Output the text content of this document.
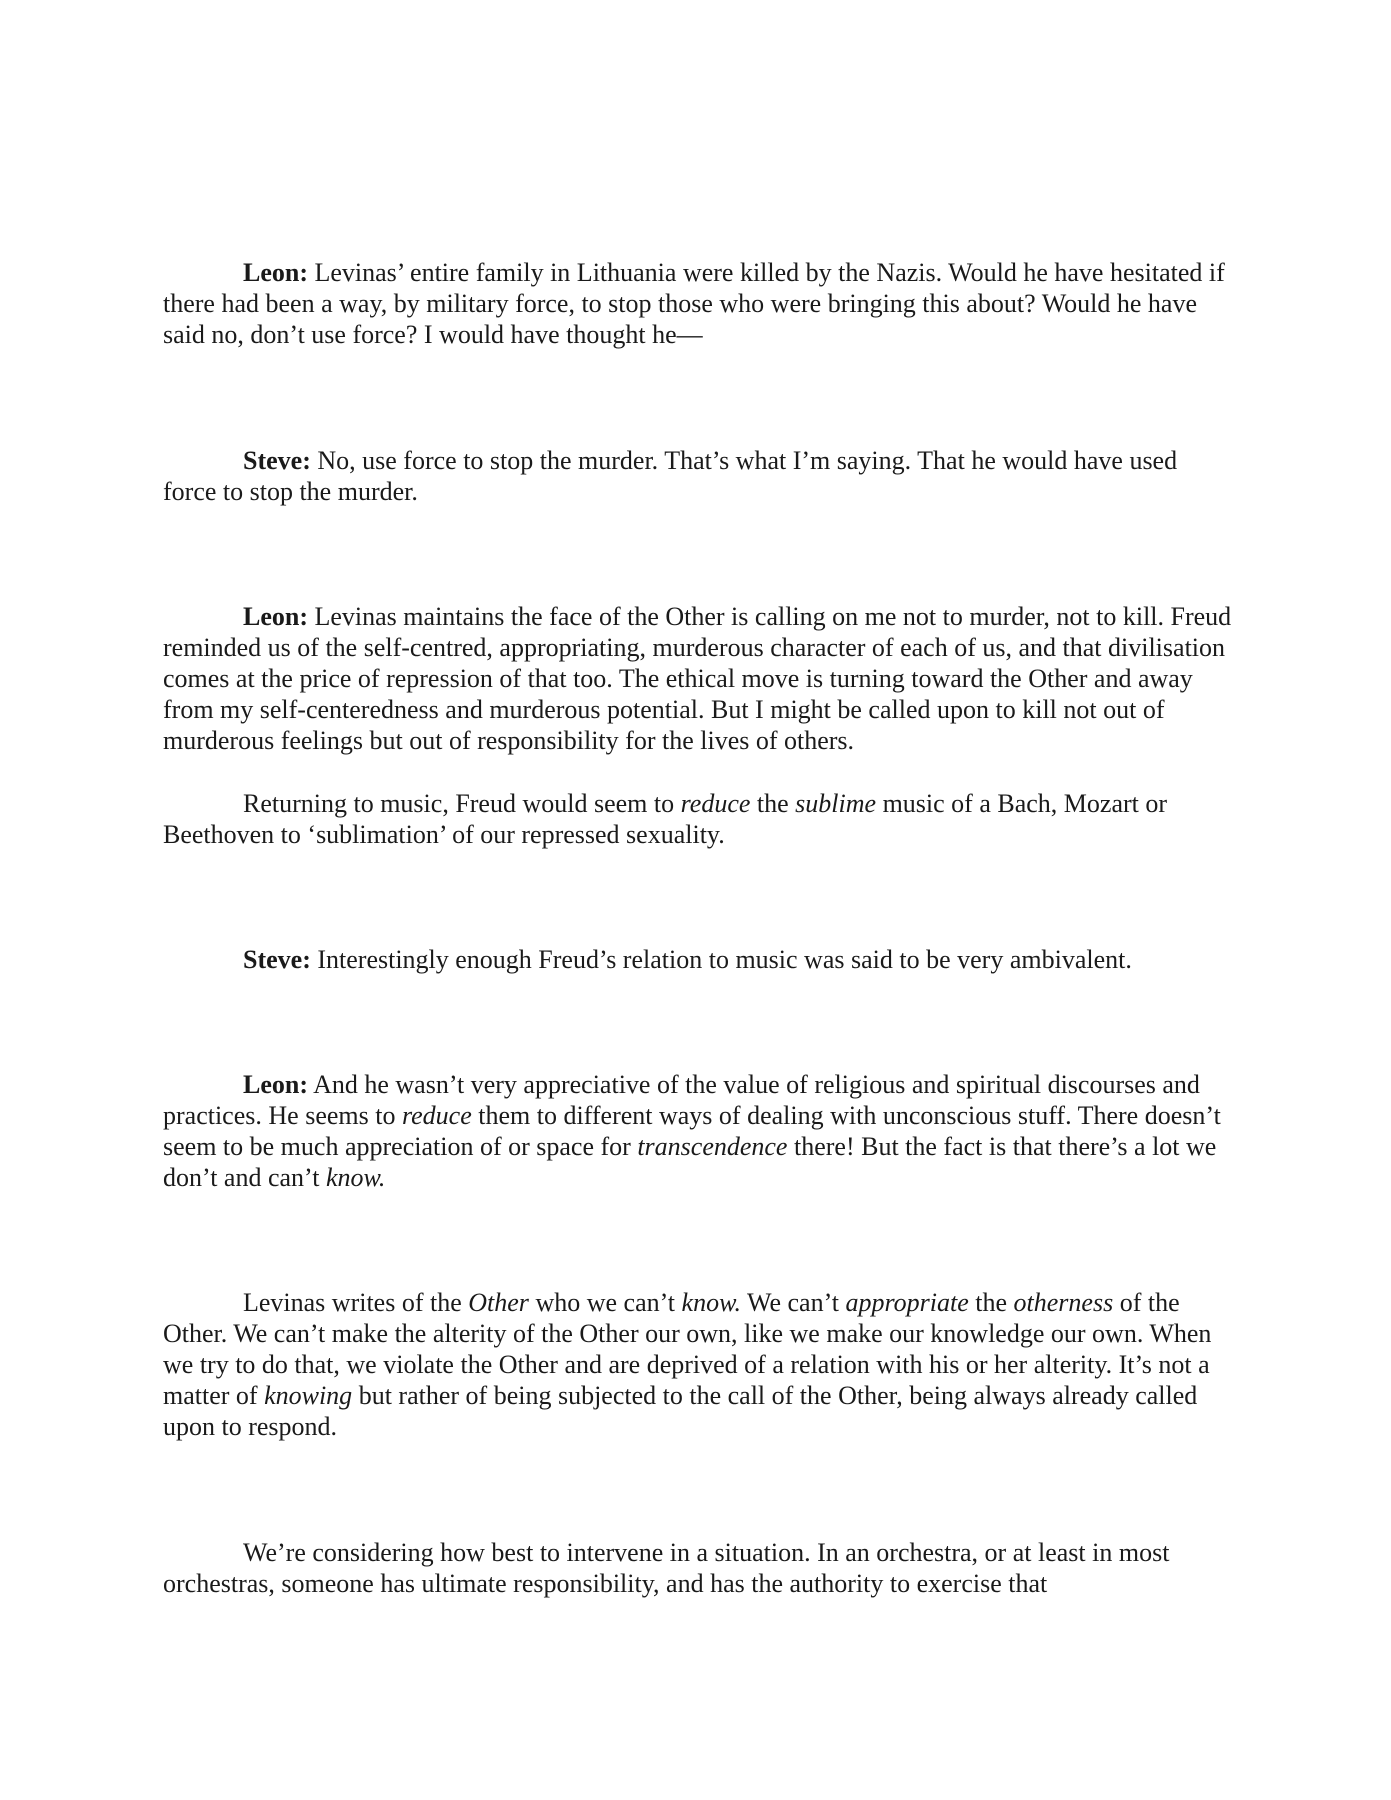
Leon: Levinas’ entire family in Lithuania were killed by the Nazis. Would he have hesitated if there had been a way, by military force, to stop those who were bringing this about? Would he have said no, don’t use force? I would have thought he—

Steve: No, use force to stop the murder. That’s what I’m saying. That he would have used force to stop the murder.

Leon: Levinas maintains the face of the Other is calling on me not to murder, not to kill. Freud reminded us of the self-centred, appropriating, murderous character of each of us, and that divilisation comes at the price of repression of that too. The ethical move is turning toward the Other and away from my self-centeredness and murderous potential. But I might be called upon to kill not out of murderous feelings but out of responsibility for the lives of others.

Returning to music, Freud would seem to reduce the sublime music of a Bach, Mozart or Beethoven to ‘sublimation’ of our repressed sexuality.

Steve: Interestingly enough Freud’s relation to music was said to be very ambivalent.

Leon: And he wasn’t very appreciative of the value of religious and spiritual discourses and practices. He seems to reduce them to different ways of dealing with unconscious stuff. There doesn’t seem to be much appreciation of or space for transcendence there! But the fact is that there’s a lot we don’t and can’t know.

Levinas writes of the Other who we can’t know. We can’t appropriate the otherness of the Other. We can’t make the alterity of the Other our own, like we make our knowledge our own. When we try to do that, we violate the Other and are deprived of a relation with his or her alterity. It’s not a matter of knowing but rather of being subjected to the call of the Other, being always already called upon to respond.

We’re considering how best to intervene in a situation. In an orchestra, or at least in most orchestras, someone has ultimate responsibility, and has the authority to exercise that
